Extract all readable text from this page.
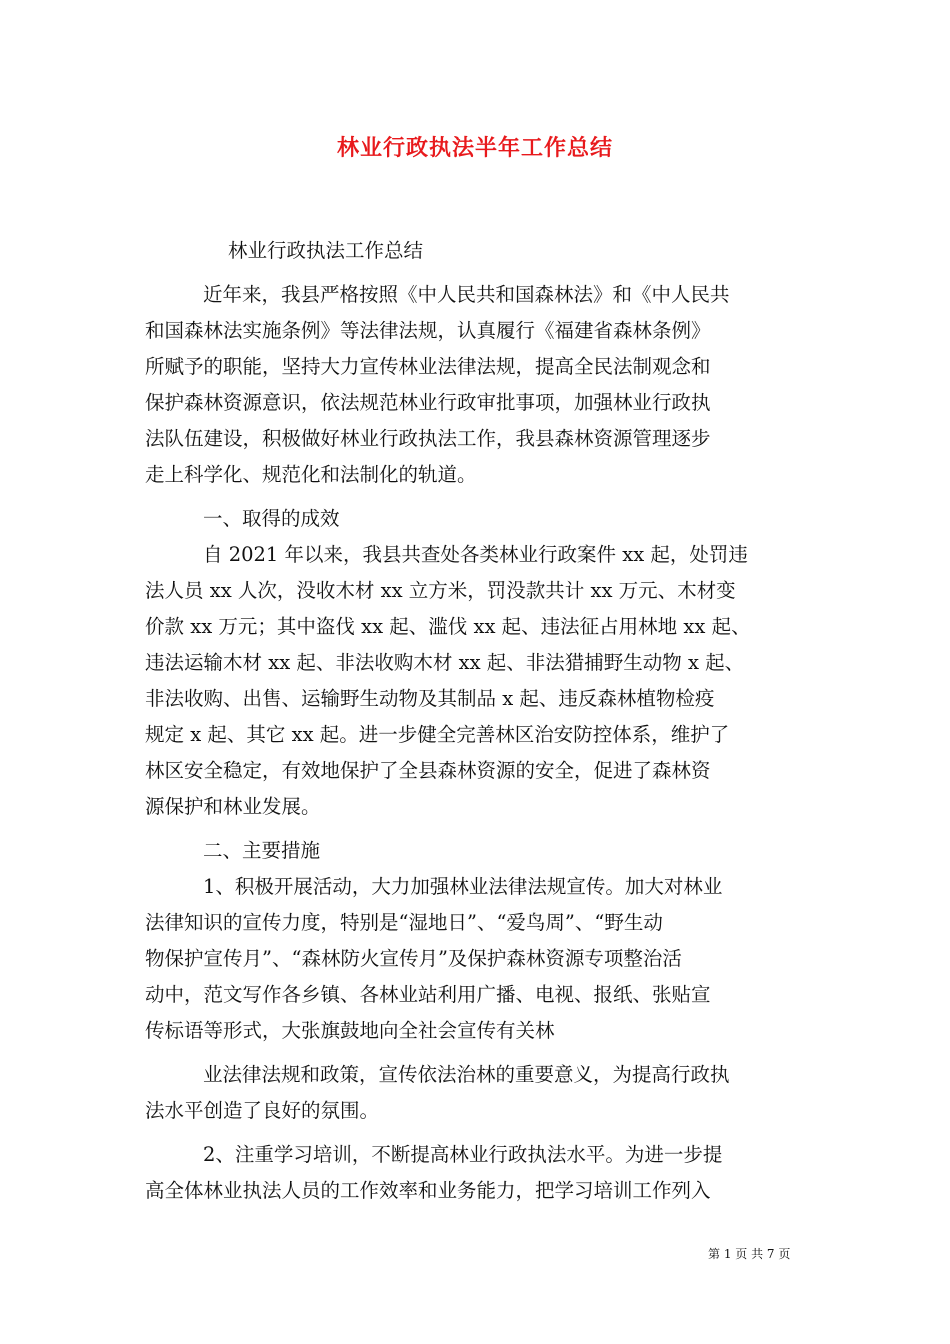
林业行政执法半年工作总结
林业行政执法工作总结
近年来，我县严格按照《中人民共和国森林法》和《中人民共
和国森林法实施条例》等法律法规，认真履行《福建省森林条例》
所赋予的职能，坚持大力宣传林业法律法规，提高全民法制观念和
保护森林资源意识，依法规范林业行政审批事项，加强林业行政执
法队伍建设，积极做好林业行政执法工作，我县森林资源管理逐步
走上科学化、规范化和法制化的轨道。
一、取得的成效
自 2021 年以来，我县共查处各类林业行政案件 xx 起，处罚违
法人员 xx 人次，没收木材 xx 立方米，罚没款共计 xx 万元、木材变
价款 xx 万元；其中盗伐 xx 起、滥伐 xx 起、违法征占用林地 xx 起、
违法运输木材 xx 起、非法收购木材 xx 起、非法猎捕野生动物 x 起、
非法收购、出售、运输野生动物及其制品 x 起、违反森林植物检疫
规定 x 起、其它 xx 起。进一步健全完善林区治安防控体系，维护了
林区安全稳定，有效地保护了全县森林资源的安全，促进了森林资
源保护和林业发展。
二、主要措施
1、积极开展活动，大力加强林业法律法规宣传。加大对林业
法律知识的宣传力度，特别是“湿地日”、“爱鸟周”、“野生动
物保护宣传月”、“森林防火宣传月”及保护森林资源专项整治活
动中，范文写作各乡镇、各林业站利用广播、电视、报纸、张贴宣
传标语等形式，大张旗鼓地向全社会宣传有关林
业法律法规和政策，宣传依法治林的重要意义，为提高行政执
法水平创造了良好的氛围。
2、注重学习培训，不断提高林业行政执法水平。为进一步提
高全体林业执法人员的工作效率和业务能力，把学习培训工作列入
第 1 页 共 7 页
